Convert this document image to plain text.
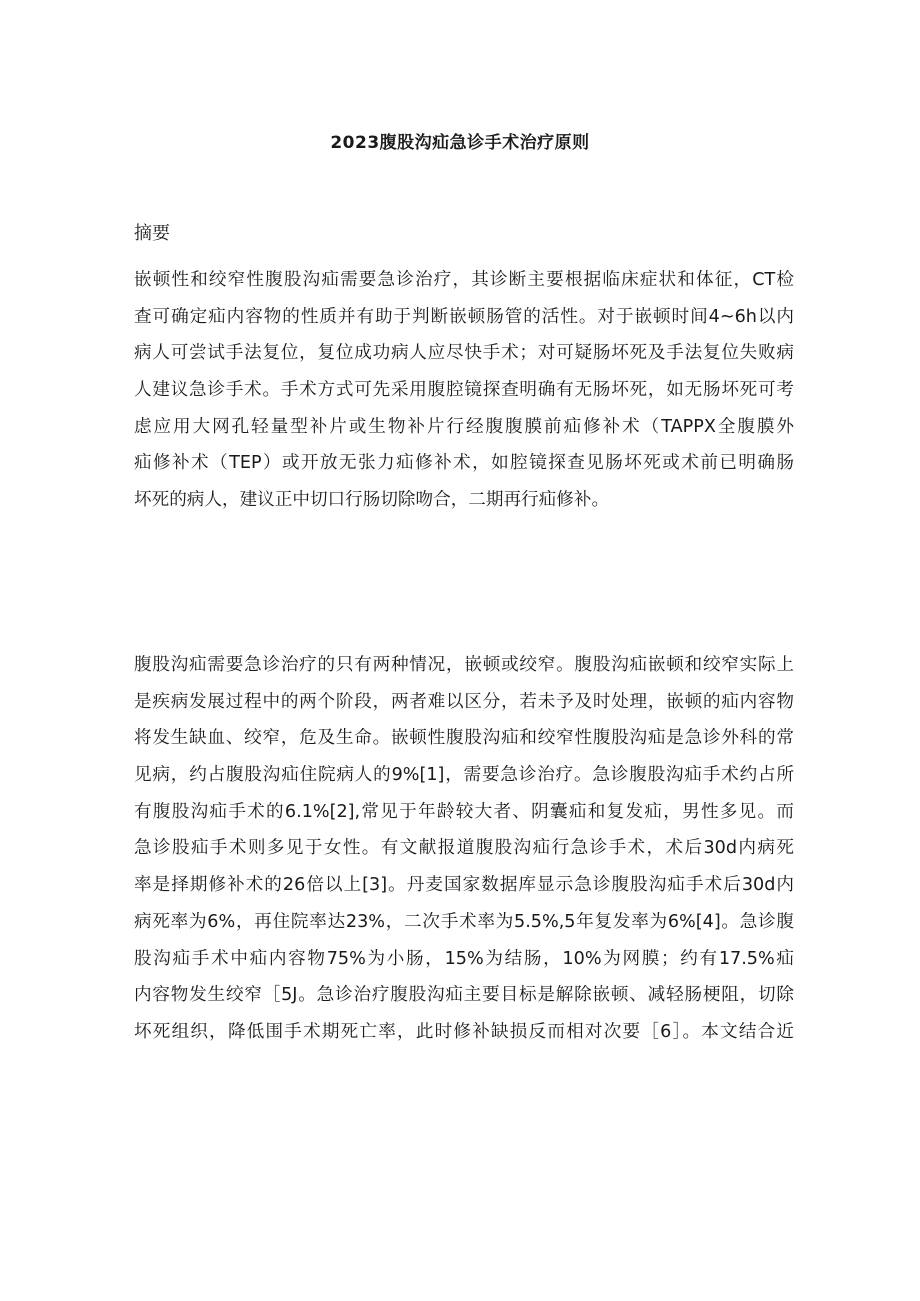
2023腹股沟疝急诊手术治疗原则
摘要
嵌顿性和绞窄性腹股沟疝需要急诊治疗，其诊断主要根据临床症状和体征，CT检
查可确定疝内容物的性质并有助于判断嵌顿肠管的活性。对于嵌顿时间4~6h以内
病人可尝试手法复位，复位成功病人应尽快手术；对可疑肠坏死及手法复位失败病
人建议急诊手术。手术方式可先采用腹腔镜探查明确有无肠坏死，如无肠坏死可考
虑应用大网孔轻量型补片或生物补片行经腹腹膜前疝修补术（TAPPX全腹膜外
疝修补术（TEP）或开放无张力疝修补术，如腔镜探查见肠坏死或术前已明确肠
坏死的病人，建议正中切口行肠切除吻合，二期再行疝修补。
腹股沟疝需要急诊治疗的只有两种情况，嵌顿或绞窄。腹股沟疝嵌顿和绞窄实际上
是疾病发展过程中的两个阶段，两者难以区分，若未予及时处理，嵌顿的疝内容物
将发生缺血、绞窄，危及生命。嵌顿性腹股沟疝和绞窄性腹股沟疝是急诊外科的常
见病，约占腹股沟疝住院病人的9%[1]，需要急诊治疗。急诊腹股沟疝手术约占所
有腹股沟疝手术的6.1%[2],常见于年龄较大者、阴囊疝和复发疝，男性多见。而
急诊股疝手术则多见于女性。有文献报道腹股沟疝行急诊手术，术后30d内病死
率是择期修补术的26倍以上[3]。丹麦国家数据库显示急诊腹股沟疝手术后30d内
病死率为6%，再住院率达23%，二次手术率为5.5%,5年复发率为6%[4]。急诊腹
股沟疝手术中疝内容物75%为小肠，15%为结肠，10%为网膜；约有17.5%疝
内容物发生绞窄［5J。急诊治疗腹股沟疝主要目标是解除嵌顿、减轻肠梗阻，切除
坏死组织，降低围手术期死亡率，此时修补缺损反而相对次要［6］。本文结合近
